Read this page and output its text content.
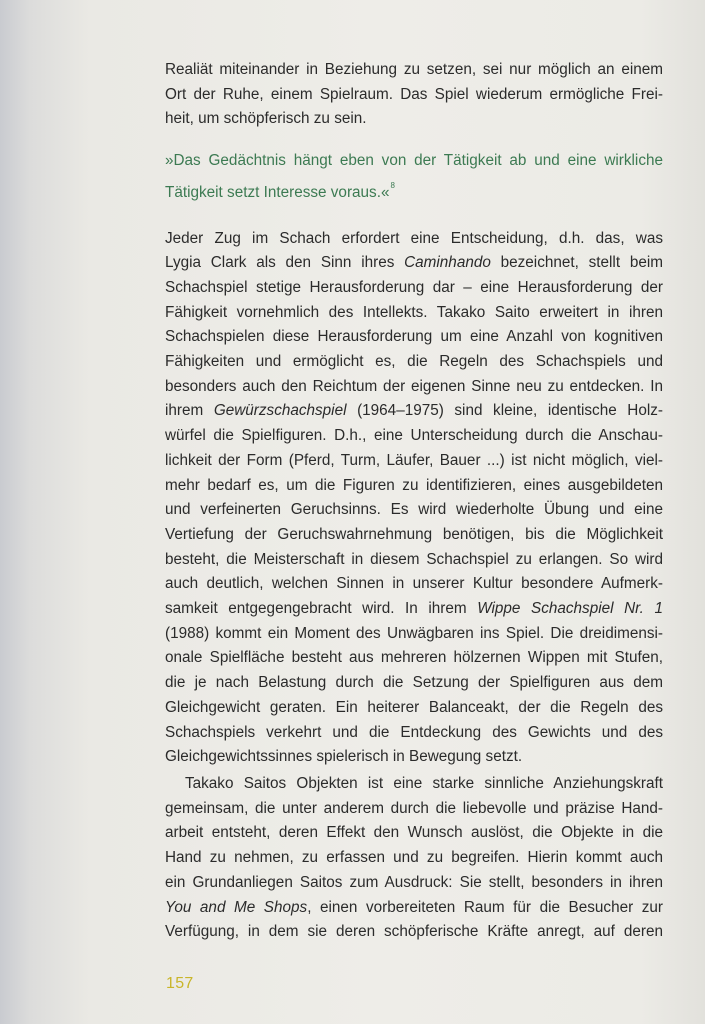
Realiät miteinander in Beziehung zu setzen, sei nur möglich an einem
Ort der Ruhe, einem Spielraum. Das Spiel wiederum ermögliche Frei-
heit, um schöpferisch zu sein.
»Das Gedächtnis hängt eben von der Tätigkeit ab und eine wirkliche
Tätigkeit setzt Interesse voraus.«$^8$
Jeder Zug im Schach erfordert eine Entscheidung, d.h. das, was
Lygia Clark als den Sinn ihres Caminhando bezeichnet, stellt beim
Schachspiel stetige Herausforderung dar – eine Herausforderung der
Fähigkeit vornehmlich des Intellekts. Takako Saito erweitert in ihren
Schachspielen diese Herausforderung um eine Anzahl von kognitiven
Fähigkeiten und ermöglicht es, die Regeln des Schachspiels und
besonders auch den Reichtum der eigenen Sinne neu zu entdecken. In
ihrem Gewürzschachspiel (1964–1975) sind kleine, identische Holz-
würfel die Spielfiguren. D.h., eine Unterscheidung durch die Anschau-
lichkeit der Form (Pferd, Turm, Läufer, Bauer ...) ist nicht möglich, viel-
mehr bedarf es, um die Figuren zu identifizieren, eines ausgebildeten
und verfeinerten Geruchsinns. Es wird wiederholte Übung und eine
Vertiefung der Geruchswahrnehmung benötigen, bis die Möglichkeit
besteht, die Meisterschaft in diesem Schachspiel zu erlangen. So wird
auch deutlich, welchen Sinnen in unserer Kultur besondere Aufmerk-
samkeit entgegengebracht wird. In ihrem Wippe Schachspiel Nr. 1
(1988) kommt ein Moment des Unwägbaren ins Spiel. Die dreidimensi-
onale Spielfläche besteht aus mehreren hölzernen Wippen mit Stufen,
die je nach Belastung durch die Setzung der Spielfiguren aus dem
Gleichgewicht geraten. Ein heiterer Balanceakt, der die Regeln des
Schachspiels verkehrt und die Entdeckung des Gewichts und des
Gleichgewichtssinnes spielerisch in Bewegung setzt.
Takako Saitos Objekten ist eine starke sinnliche Anziehungskraft
gemeinsam, die unter anderem durch die liebevolle und präzise Hand-
arbeit entsteht, deren Effekt den Wunsch auslöst, die Objekte in die
Hand zu nehmen, zu erfassen und zu begreifen. Hierin kommt auch
ein Grundanliegen Saitos zum Ausdruck: Sie stellt, besonders in ihren
You and Me Shops, einen vorbereiteten Raum für die Besucher zur
Verfügung, in dem sie deren schöpferische Kräfte anregt, auf deren
157
